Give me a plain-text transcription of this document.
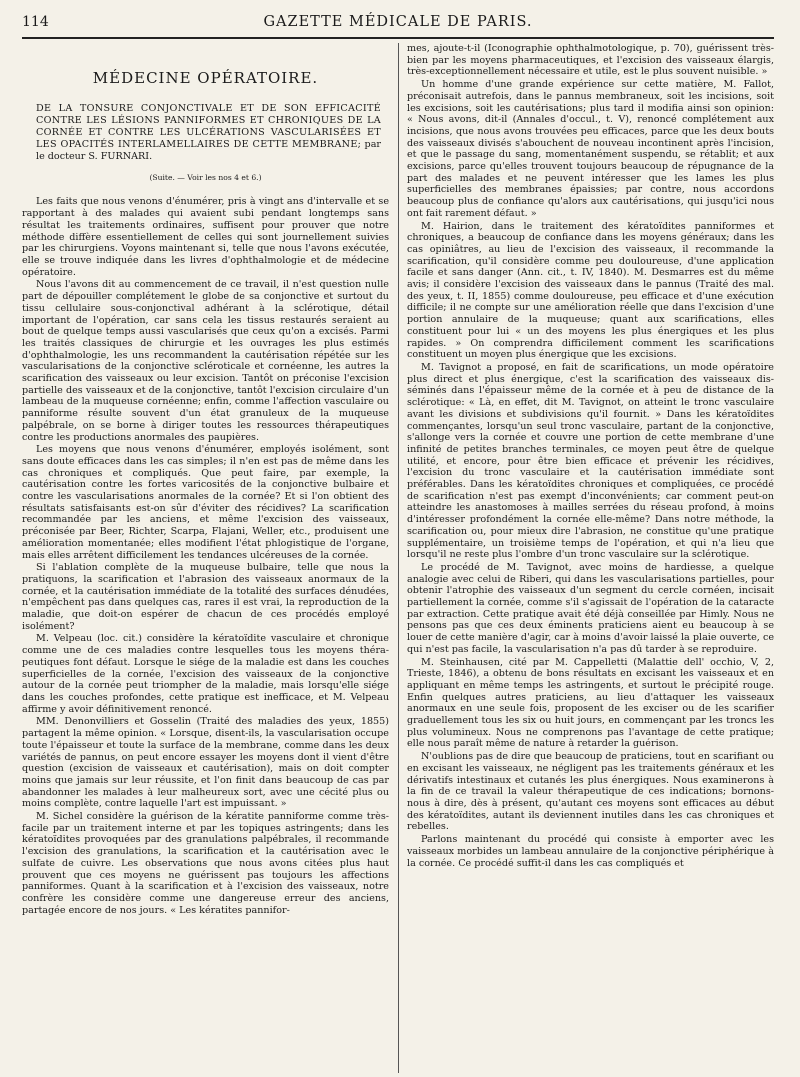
114	GAZETTE MÉDICALE DE PARIS.
MÉDECINE OPÉRATOIRE.
DE LA TONSURE CONJONCTIVALE ET DE SON EFFICACITÉ CONTRE LES LÉSIONS PANNIFORMES ET CHRONIQUES DE LA CORNÉE ET CONTRE LES ULCÉRATIONS VASCULARISÉES ET LES OPACITÉS INTERLAMELLAIRES DE CETTE MEMBRANE; par le docteur S. FURNARI.
(Suite. — Voir les nos 4 et 6.)

Les faits que nous venons d'énumérer, pris à vingt ans d'intervalle et se rapportant à des malades qui avaient subi pendant longtemps sans résultat les traitements ordinaires, suffisent pour prouver que notre méthode diffère essentiellement de celles qui sont journellement suivies par les chirurgiens. Voyons maintenant si, telle que nous l'avons exécutée, elle se trouve indiquée dans les livres d'ophthalmologie et de médecine opératoire.

Nous l'avons dit au commencement de ce travail, il n'est question nulle part de dépouiller complétement le globe de sa conjonctive et surtout du tissu cellulaire sous-conjonctival adhérant à la sclérotique, détail important de l'opération, car sans cela les tissus restaurés seraient au bout de quelque temps aussi vascularisés que ceux qu'on a excisés. Parmi les traités classiques de chirurgie et les ouvrages les plus estimés d'ophthalmologie, les uns recommandent la cautérisation répétée sur les vascularisations de la conjonctive scléroticale et cornéenne, les autres la scarification des vaisseaux ou leur excision. Tantôt on préconise l'excision partielle des vaisseaux et de la conjonctive, tantôt l'excision circulaire d'un lambeau de la muqueuse cornéenne; enfin, comme l'affection vasculaire ou panniforme résulte souvent d'un état granuleux de la muqueuse palpébrale, on se borne à diriger toutes les ressources thérapeutiques contre les productions anormales des paupières.

Les moyens que nous venons d'énumérer, employés isolément, sont sans doute efficaces dans les cas simples; il n'en est pas de même dans les cas chroniques et compliqués. Que peut faire, par exemple, la cautérisation contre les fortes varicosités de la conjonctive bulbaire et contre les vascularisations anormales de la cornée? Et si l'on obtient des résultats satisfaisants est-on sûr d'éviter des récidives? La scarification recommandée par les anciens, et même l'excision des vaisseaux, préconisée par Beer, Richter, Scarpa, Flajani, Weller, etc., produisent une amélioration momentanée; elles modifient l'état phlogistique de l'organe, mais elles arrêtent difficilement les tendances ulcéreuses de la cornée.

Si l'ablation complète de la muqueuse bulbaire, telle que nous la pratiquons, la scarification et l'abrasion des vaisseaux anormaux de la cornée, et la cautérisation immédiate de la totalité des surfaces dénudées, n'empêchent pas dans quelques cas, rares il est vrai, la reproduction de la maladie, que doit-on espérer de chacun de ces procédés employé isolément?

M. Velpeau (loc. cit.) considère la kératoïdite vasculaire et chronique comme une de ces maladies contre lesquelles tous les moyens thérapeutiques font défaut. Lorsque le siége de la maladie est dans les couches superficielles de la cornée, l'excision des vaisseaux de la conjonctive autour de la cornée peut triompher de la maladie, mais lorsqu'elle siége dans les couches profondes, cette pratique est inefficace, et M. Velpeau affirme y avoir définitivement renoncé.

MM. Denonvilliers et Gosselin (Traité des maladies des yeux, 1855) partagent la même opinion. « Lorsque, disent-ils, la vascularisation occupe toute l'épaisseur et toute la surface de la membrane, comme dans les deux variétés de pannus, on peut encore essayer les moyens dont il vient d'être question (excision de vaisseaux et cautérisation), mais on doit compter moins que jamais sur leur réussite, et l'on finit dans beaucoup de cas par abandonner les malades à leur malheureux sort, avec une cécité plus ou moins complète, contre laquelle l'art est impuissant. »

M. Sichel considère la guérison de la kératite panniforme comme très-facile par un traitement interne et par les topiques astringents; dans les kératoïdites provoquées par des granulations palpébrales, il recommande l'excision des granulations, la scarification et la cautérisation avec le sulfate de cuivre. Les observations que nous avons citées plus haut prouvent que ces moyens ne guérissent pas toujours les affections panniformes. Quant à la scarification et à l'excision des vaisseaux, notre confrère les considère comme une dangereuse erreur des anciens, partagée encore de nos jours. « Les kératites pannifor-

mes, ajoute-t-il (Iconographie ophthalmotologique, p. 70), guérissent très-bien par les moyens pharmaceutiques, et l'excision des vaisseaux élargis, très-exceptionnellement nécessaire et utile, est le plus souvent nuisible. »

Un homme d'une grande expérience sur cette matière, M. Fallot, préconisait autrefois, dans le pannus membraneux, soit les incisions, soit les excisions, soit les cautérisations; plus tard il modifia ainsi son opinion: « Nous avons, dit-il (Annales d'occul., t. V), renoncé complétement aux incisions, que nous avons trouvées peu efficaces, parce que les deux bouts des vaisseaux divisés s'abouchent de nouveau incontinent après l'incision, et que le passage du sang, momentanément suspendu, se rétablit; et aux excisions, parce qu'elles trouvent toujours beaucoup de répugnance de la part des malades et ne peuvent intéresser que les lames les plus superficielles des membranes épaissies; par contre, nous accordons beaucoup plus de confiance qu'alors aux cautérisations, qui jusqu'ici nous ont fait rarement défaut. »

M. Hairion, dans le traitement des kératoïdites panniformes et chroniques, a beaucoup de confiance dans les moyens généraux; dans les cas opiniâtres, au lieu de l'excision des vaisseaux, il recommande la scarification, qu'il considère comme peu douloureuse, d'une application facile et sans danger (Ann. cit., t. IV, 1840). M. Desmarres est du même avis; il considère l'excision des vaisseaux dans le pannus (Traité des mal. des yeux, t. II, 1855) comme douloureuse, peu efficace et d'une exécution difficile; il ne compte sur une amélioration réelle que dans l'excision d'une portion annulaire de la muqueuse; quant aux scarifications, elles constituent pour lui « un des moyens les plus énergiques et les plus rapides. » On comprendra difficilement comment les scarifications constituent un moyen plus énergique que les excisions.

M. Tavignot a proposé, en fait de scarifications, un mode opératoire plus direct et plus énergique, c'est la scarification des vaisseaux disséminés dans l'épaisseur même de la cornée et à peu de distance de la sclérotique: « Là, en effet, dit M. Tavignot, on atteint le tronc vasculaire avant les divisions et subdivisions qu'il fournit. » Dans les kératoïdites commençantes, lorsqu'un seul tronc vasculaire, partant de la conjonctive, s'allonge vers la cornée et couvre une portion de cette membrane d'une infinité de petites branches terminales, ce moyen peut être de quelque utilité, et encore, pour être bien efficace et prévenir les récidives, l'excision du tronc vasculaire et la cautérisation immédiate sont préférables. Dans les kératoïdites chroniques et compliquées, ce procédé de scarification n'est pas exempt d'inconvénients; car comment peut-on atteindre les anastomoses à mailles serrées du réseau profond, à moins d'intéresser profondément la cornée elle-même? Dans notre méthode, la scarification ou, pour mieux dire l'abrasion, ne constitue qu'une pratique supplémentaire, un troisième temps de l'opération, et qui n'a lieu que lorsqu'il ne reste plus l'ombre d'un tronc vasculaire sur la sclérotique.

Le procédé de M. Tavignot, avec moins de hardiesse, a quelque analogie avec celui de Riberi, qui dans les vascularisations partielles, pour obtenir l'atrophie des vaisseaux d'un segment du cercle cornéen, incisait partiellement la cornée, comme s'il s'agissait de l'opération de la cataracte par extraction. Cette pratique avait été déjà conseillée par Himly. Nous ne pensons pas que ces deux éminents praticiens aient eu beaucoup à se louer de cette manière d'agir, car à moins d'avoir laissé la plaie ouverte, ce qui n'est pas facile, la vascularisation n'a pas dû tarder à se reproduire.

M. Steinhausen, cité par M. Cappelletti (Malattie dell' occhio, V, 2, Trieste, 1846), a obtenu de bons résultats en excisant les vaisseaux et en appliquant en même temps les astringents, et surtout le précipité rouge. Enfin quelques autres praticiens, au lieu d'attaquer les vaisseaux anormaux en une seule fois, proposent de les exciser ou de les scarifier graduellement tous les six ou huit jours, en commençant par les troncs les plus volumineux. Nous ne comprenons pas l'avantage de cette pratique; elle nous paraît même de nature à retarder la guérison.

N'oublions pas de dire que beaucoup de praticiens, tout en scarifiant ou en excisant les vaisseaux, ne négligent pas les traitements généraux et les dérivatifs intestinaux et cutanés les plus énergiques. Nous examinerons à la fin de ce travail la valeur thérapeutique de ces indications; bornons-nous à dire, dès à présent, qu'autant ces moyens sont efficaces au début des kératoïdites, autant ils deviennent inutiles dans les cas chroniques et rebelles.

Parlons maintenant du procédé qui consiste à emporter avec les vaisseaux morbides un lambeau annulaire de la conjonctive périphérique à la cornée. Ce procédé suffit-il dans les cas compliqués et
